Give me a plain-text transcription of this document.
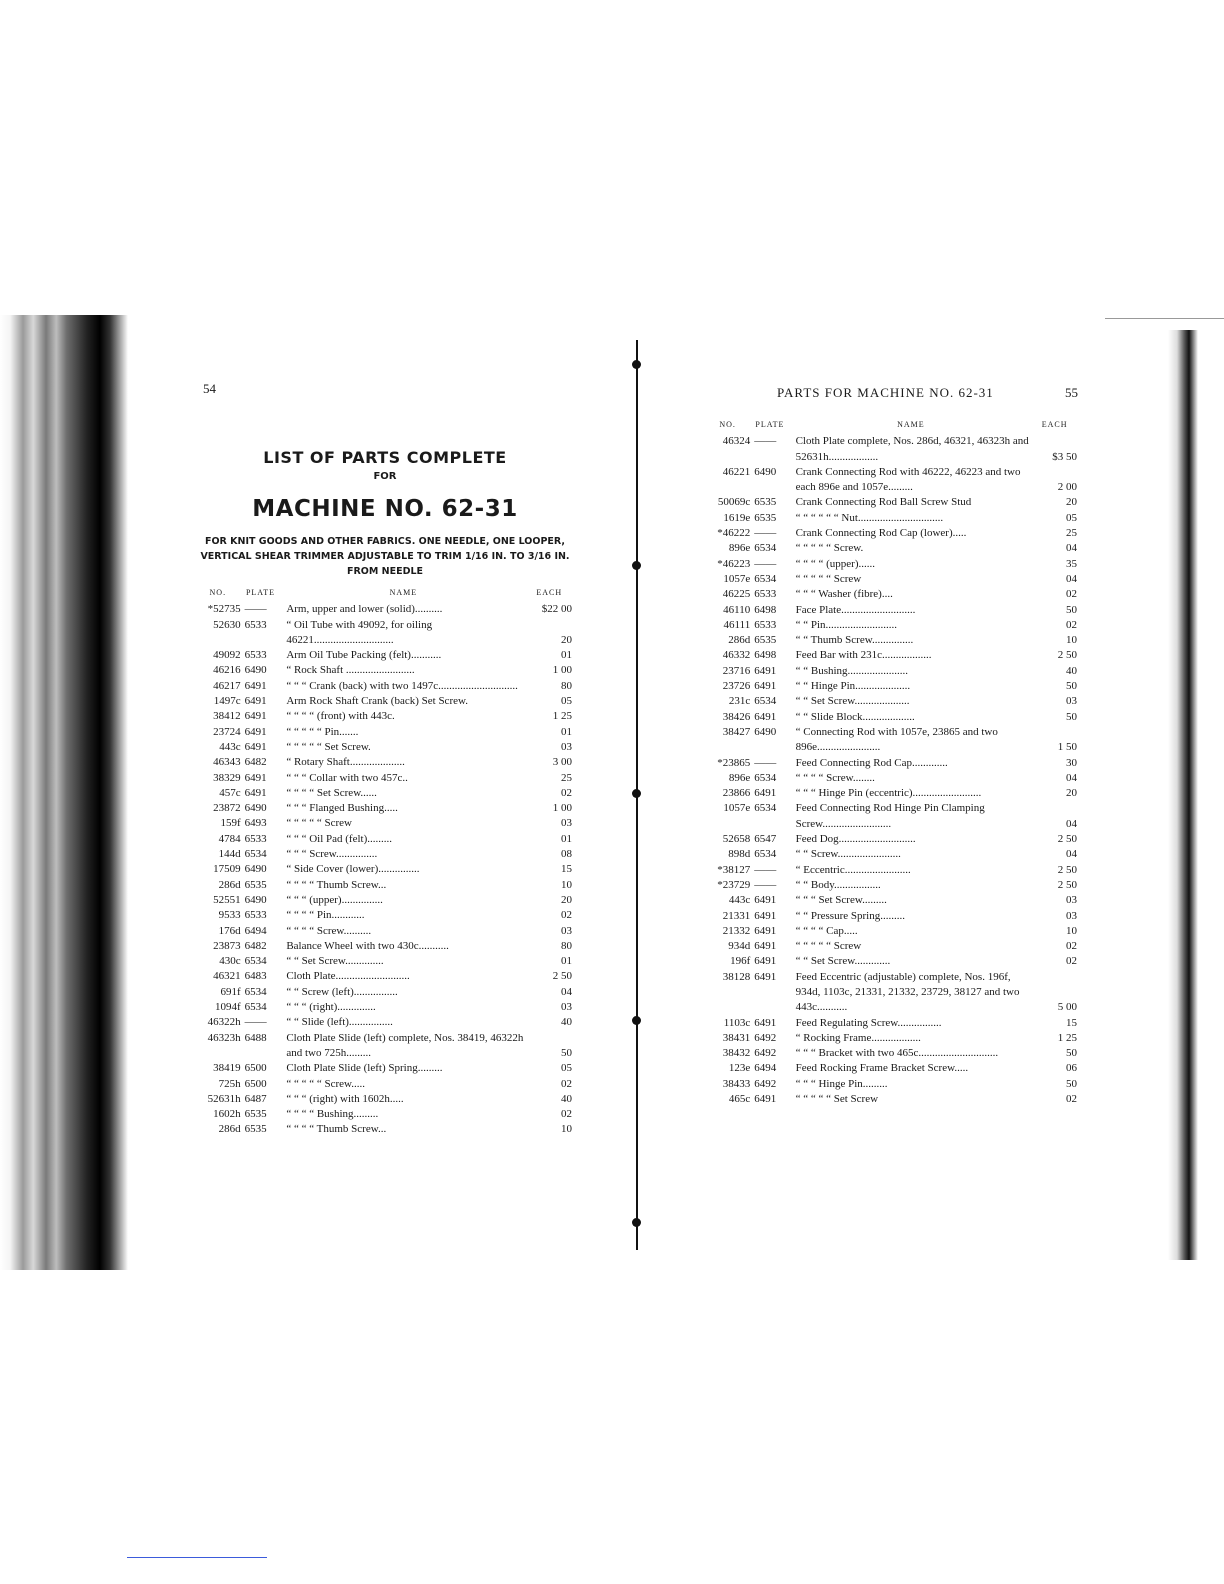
54
LIST OF PARTS COMPLETE
FOR
MACHINE NO. 62-31
FOR KNIT GOODS AND OTHER FABRICS. ONE NEEDLE, ONE LOOPER, VERTICAL SHEAR TRIMMER ADJUSTABLE TO TRIM 1/16 IN. TO 3/16 IN. FROM NEEDLE
NO.	PLATE	NAME	EACH
*52735	——	Arm, upper and lower (solid)..........	$22 00
52630	6533	“ Oil Tube with 49092, for oiling 46221.............................	20
49092	6533	Arm Oil Tube Packing (felt)...........	01
46216	6490	“ Rock Shaft .........................	1 00
46217	6491	“ “ “ Crank (back) with two 1497c.............................	80
1497c	6491	Arm Rock Shaft Crank (back) Set Screw.	05
38412	6491	“ “ “ “ (front) with 443c.	1 25
23724	6491	“ “ “ “ “ Pin.......	01
443c	6491	“ “ “ “ “ Set Screw.	03
46343	6482	“ Rotary Shaft....................	3 00
38329	6491	“ “ “ Collar with two 457c..	25
457c	6491	“ “ “ “ Set Screw......	02
23872	6490	“ “ “ Flanged Bushing.....	1 00
159f	6493	“ “ “ “ “ Screw	03
4784	6533	“ “ “ Oil Pad (felt).........	01
144d	6534	“ “ “ Screw...............	08
17509	6490	“ Side Cover (lower)...............	15
286d	6535	“ “ “ “ Thumb Screw...	10
52551	6490	“ “ “ (upper)...............	20
9533	6533	“ “ “ “ Pin............	02
176d	6494	“ “ “ “ Screw..........	03
23873	6482	Balance Wheel with two 430c...........	80
430c	6534	“ “ Set Screw..............	01
46321	6483	Cloth Plate...........................	2 50
691f	6534	“ “ Screw (left)................	04
1094f	6534	“ “ “ (right)..............	03
46322h	——	“ “ Slide (left)................	40
46323h	6488	Cloth Plate Slide (left) complete, Nos. 38419, 46322h and two 725h.........	50
38419	6500	Cloth Plate Slide (left) Spring.........	05
725h	6500	“ “ “ “ “ Screw.....	02
52631h	6487	“ “ “ (right) with 1602h.....	40
1602h	6535	“ “ “ “ Bushing.........	02
286d	6535	“ “ “ “ Thumb Screw...	10
PARTS FOR MACHINE NO. 62-31	55
NO.	PLATE	NAME	EACH
46324	——	Cloth Plate complete, Nos. 286d, 46321, 46323h and 52631h..................	$3 50
46221	6490	Crank Connecting Rod with 46222, 46223 and two each 896e and 1057e.........	2 00
50069c	6535	Crank Connecting Rod Ball Screw Stud	20
1619e	6535	“ “ “ “ “ “ Nut...............................	05
*46222	——	Crank Connecting Rod Cap (lower).....	25
896e	6534	“ “ “ “ “ Screw.	04
*46223	——	“ “ “ “ (upper)......	35
1057e	6534	“ “ “ “ “ Screw	04
46225	6533	“ “ “ Washer (fibre)....	02
46110	6498	Face Plate...........................	50
46111	6533	“ “ Pin..........................	02
286d	6535	“ “ Thumb Screw...............	10
46332	6498	Feed Bar with 231c..................	2 50
23716	6491	“ “ Bushing......................	40
23726	6491	“ “ Hinge Pin....................	50
231c	6534	“ “ Set Screw....................	03
38426	6491	“ “ Slide Block...................	50
38427	6490	“ Connecting Rod with 1057e, 23865 and two 896e.......................	1 50
*23865	——	Feed Connecting Rod Cap.............	30
896e	6534	“ “ “ “ Screw........	04
23866	6491	“ “ “ Hinge Pin (eccentric).........................	20
1057e	6534	Feed Connecting Rod Hinge Pin Clamping Screw.........................	04
52658	6547	Feed Dog............................	2 50
898d	6534	“ “ Screw.......................	04
*38127	——	“ Eccentric........................	2 50
*23729	——	“ “ Body.................	2 50
443c	6491	“ “ “ Set Screw.........	03
21331	6491	“ “ Pressure Spring.........	03
21332	6491	“ “ “ “ Cap.....	10
934d	6491	“ “ “ “ “ Screw	02
196f	6491	“ “ Set Screw.............	02
38128	6491	Feed Eccentric (adjustable) complete, Nos. 196f, 934d, 1103c, 21331, 21332, 23729, 38127 and two 443c...........	5 00
1103c	6491	Feed Regulating Screw................	15
38431	6492	“ Rocking Frame..................	1 25
38432	6492	“ “ “ Bracket with two 465c.............................	50
123e	6494	Feed Rocking Frame Bracket Screw.....	06
38433	6492	“ “ “ Hinge Pin.........	50
465c	6491	“ “ “ “ “ Set Screw	02
